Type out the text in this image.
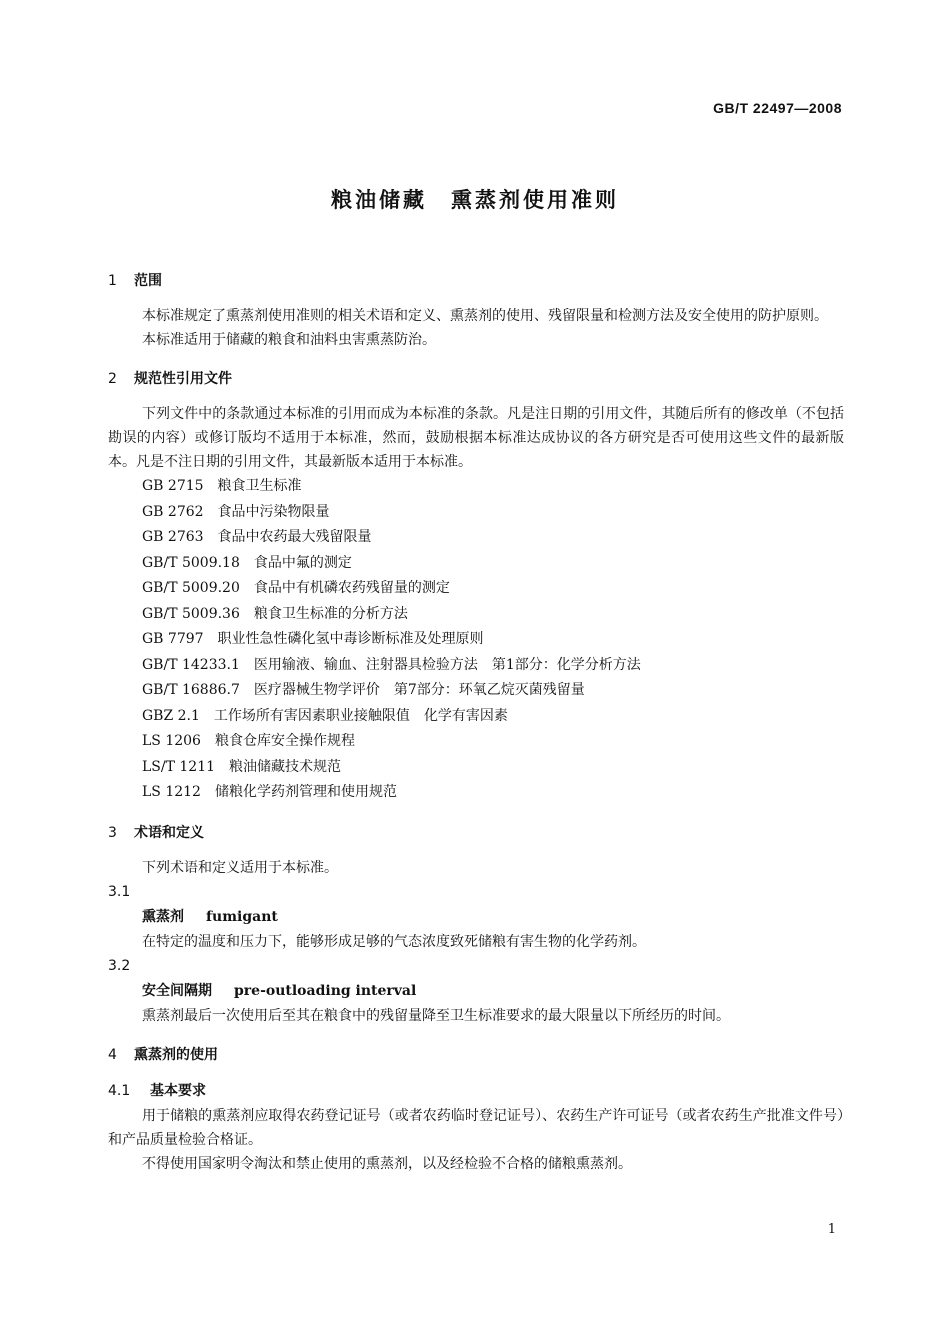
GB/T 22497—2008
粮油储藏　熏蒸剂使用准则
1 范围

本标准规定了熏蒸剂使用准则的相关术语和定义、熏蒸剂的使用、残留限量和检测方法及安全使用的防护原则。

本标准适用于储藏的粮食和油料虫害熏蒸防治。

2 规范性引用文件

下列文件中的条款通过本标准的引用而成为本标准的条款。凡是注日期的引用文件，其随后所有的修改单（不包括勘误的内容）或修订版均不适用于本标准，然而，鼓励根据本标准达成协议的各方研究是否可使用这些文件的最新版本。凡是不注日期的引用文件，其最新版本适用于本标准。

GB 2715　粮食卫生标准
GB 2762　食品中污染物限量
GB 2763　食品中农药最大残留限量
GB/T 5009.18　食品中氟的测定
GB/T 5009.20　食品中有机磷农药残留量的测定
GB/T 5009.36　粮食卫生标准的分析方法
GB 7797　职业性急性磷化氢中毒诊断标准及处理原则
GB/T 14233.1　医用输液、输血、注射器具检验方法　第1部分：化学分析方法
GB/T 16886.7　医疗器械生物学评价　第7部分：环氧乙烷灭菌残留量
GBZ 2.1　工作场所有害因素职业接触限值　化学有害因素
LS 1206　粮食仓库安全操作规程
LS/T 1211　粮油储藏技术规范
LS 1212　储粮化学药剂管理和使用规范
3 术语和定义

下列术语和定义适用于本标准。

3.1
熏蒸剂 fumigant

在特定的温度和压力下，能够形成足够的气态浓度致死储粮有害生物的化学药剂。

3.2
安全间隔期 pre-outloading interval

熏蒸剂最后一次使用后至其在粮食中的残留量降至卫生标准要求的最大限量以下所经历的时间。

4 熏蒸剂的使用
4.1 基本要求

用于储粮的熏蒸剂应取得农药登记证号（或者农药临时登记证号）、农药生产许可证号（或者农药生产批准文件号）和产品质量检验合格证。

不得使用国家明令淘汰和禁止使用的熏蒸剂，以及经检验不合格的储粮熏蒸剂。

1
